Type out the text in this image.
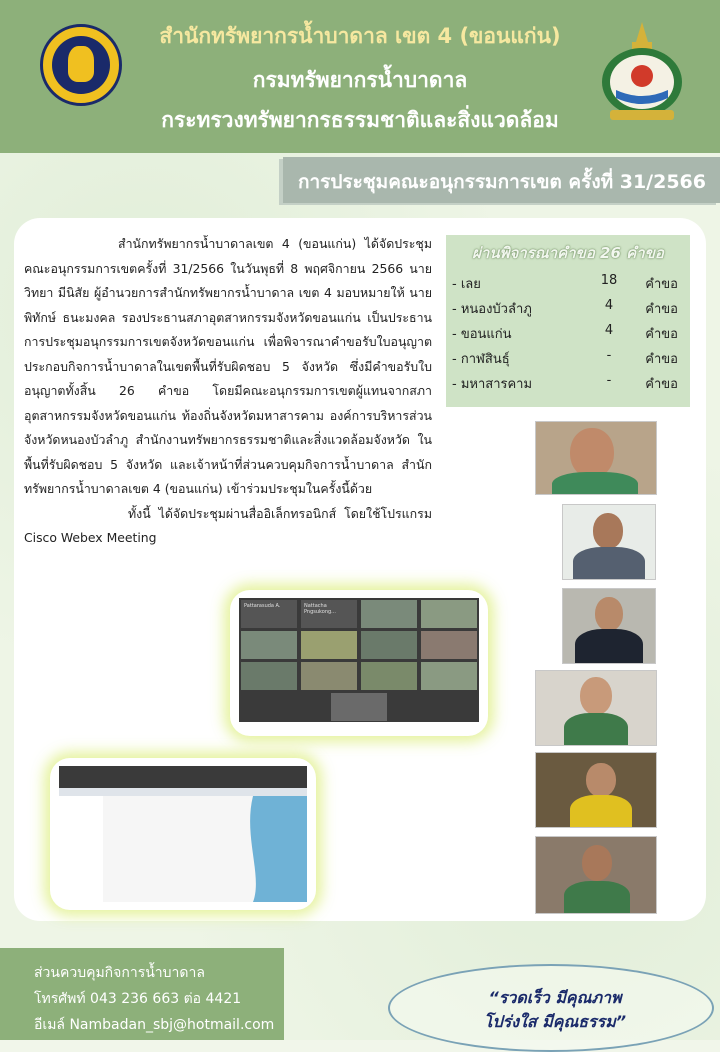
สำนักทรัพยากรน้ำบาดาล เขต 4 (ขอนแก่น)
กรมทรัพยากรน้ำบาดาล
กระทรวงทรัพยากรธรรมชาติและสิ่งแวดล้อม
การประชุมคณะอนุกรรมการเขต ครั้งที่ 31/2566

สำนักทรัพยากรน้ำบาดาลเขต 4 (ขอนแก่น) ได้จัดประชุมคณะอนุกรรมการเขตครั้งที่ 31/2566 ในวันพุธที่ 8 พฤศจิกายน 2566 นายวิทยา มีนิสัย ผู้อำนวยการสำนักทรัพยากรน้ำบาดาล เขต 4 มอบหมายให้ นายพิทักษ์ ธนะมงคล รองประธานสภาอุตสาหกรรมจังหวัดขอนแก่น เป็นประธานการประชุมอนุกรรมการเขตจังหวัดขอนแก่น เพื่อพิจารณาคำขอรับใบอนุญาตประกอบกิจการน้ำบาดาลในเขตพื้นที่รับผิดชอบ 5 จังหวัด ซึ่งมีคำขอรับใบอนุญาตทั้งสิ้น 26 คำขอ โดยมีคณะอนุกรรมการเขตผู้แทนจากสภาอุตสาหกรรมจังหวัดขอนแก่น ท้องถิ่นจังหวัดมหาสารคาม องค์การบริหารส่วนจังหวัดหนองบัวลำภู สำนักงานทรัพยากรธรรมชาติและสิ่งแวดล้อมจังหวัด ในพื้นที่รับผิดชอบ 5 จังหวัด และเจ้าหน้าที่ส่วนควบคุมกิจการน้ำบาดาล สำนักทรัพยากรน้ำบาดาลเขต 4 (ขอนแก่น) เข้าร่วมประชุมในครั้งนี้ด้วย

ทั้งนี้ ได้จัดประชุมผ่านสื่ออิเล็กทรอนิกส์ โดยใช้โปรแกรม Cisco Webex Meeting

ผ่านพิจารณาคำขอ 26 คำขอ
- เลย	18	คำขอ
- หนองบัวลำภู	4	คำขอ
- ขอนแก่น	4	คำขอ
- กาฬสินธุ์	-	คำขอ
- มหาสารคาม	-	คำขอ
Pattarasuda A.	Nattacha Pngsukong...
ส่วนควบคุมกิจการน้ำบาดาล
โทรศัพท์ 043 236 663 ต่อ 4421
อีเมล์ Nambadan_sbj@hotmail.com
“รวดเร็ว มีคุณภาพ
โปร่งใส มีคุณธรรม”
